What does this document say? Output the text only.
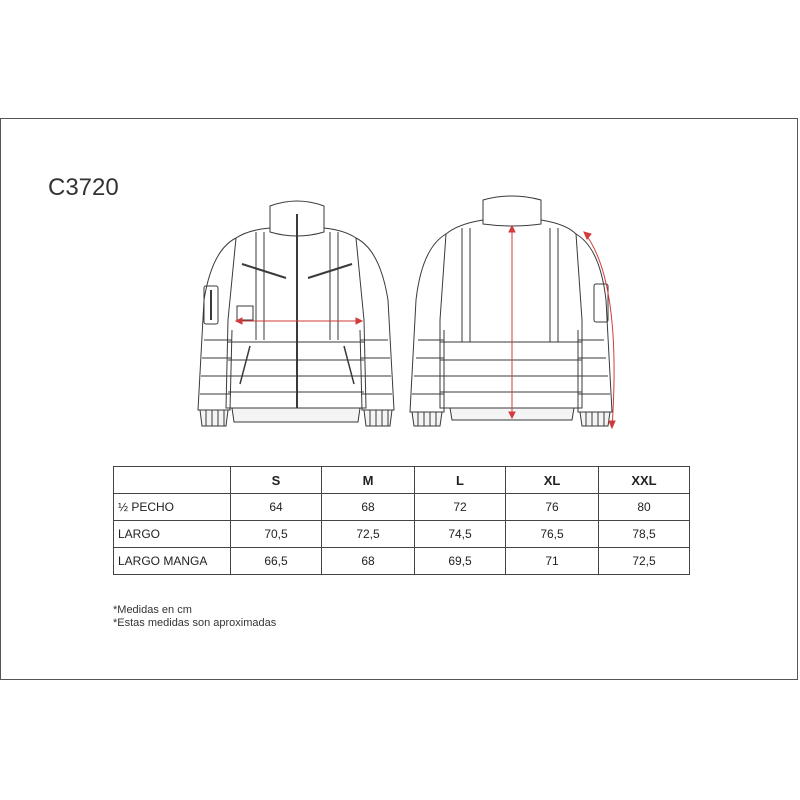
C3720
	S	M	L	XL	XXL
½ PECHO	64	68	72	76	80
LARGO	70,5	72,5	74,5	76,5	78,5
LARGO MANGA	66,5	68	69,5	71	72,5
*Medidas en cm
*Estas medidas son aproximadas
